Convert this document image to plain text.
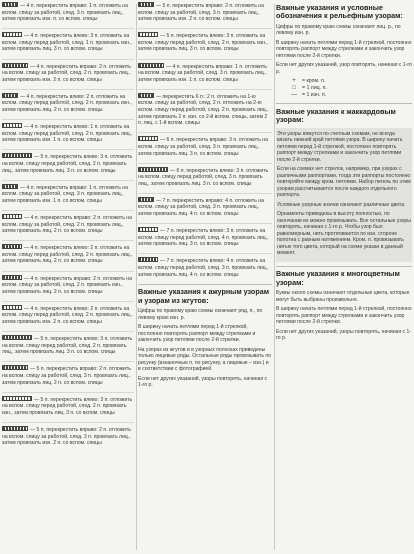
— 4 п. перекрестить вправо: 1 п. отложить на вспом. спицу за работой, след. 3 п. провязать лиц., затем провязать изн. п. со вспом. спицы
— 4 п. перекрестить влево: 3 п. отложить на вспом. спицу перед работой, след. 1 п. провязать изн., затем провязать лиц. 3 п. со вспом. спицы
— 4 п. перекрестить вправо: 2 п. отложить на вспом. спицу за работой, след. 2 п. провязать лиц., затем провязать изн. 2 п. со вспом. спицы
— 4 п. перекрестить влево: 2 п. отложить на вспом. спицу перед работой, след. 2 п. провязать изн., затем провязать лиц. 2 п. со вспом. спицы
— 4 п. перекрестить влево: 1 п. отложить на вспом. спицу перед работой, след. 2 п. провязать лиц., затем провязать изн. 1 п. со вспом. спицы
— 5 п. перекрестить влево: 3 п. отложить на вспом. спицу перед работой, след. 2 п. провязать лиц., затем провязать лиц. 3 п. со вспом. спицы
— 4 п. перекрестить вправо: 1 п. отложить на вспом. спицу за работой, след. 3 п. провязать лиц., затем провязать изн. 1 п. со вспом. спицы
— 4 п. перекрестить вправо: 2 п. отложить на вспом. спицу за работой, след. 2 п. провязать лиц., затем провязать лиц. 2 п. со вспом. спицы
— 4 п. перекрестить влево: 2 п. отложить на вспом. спицу перед работой, след. 2 п. провязать лиц., затем провязать лиц. 2 п. со вспом. спицы
— 4 п. перекрестить вправо: 2 п. отложить на вспом. спицу за работой, след. 2 п. провязать изн., затем провязать лиц. 2 п. со вспом. спицы
— 4 п. перекрестить влево: 2 п. отложить на вспом. спицу перед работой, след. 2 п. провязать лиц., затем провязать изн. 2 п. со вспом. спицы
— 5 п. перекрестить влево: 3 п. отложить на вспом. спицу перед работой, след. 2 п. провязать лиц., затем провязать лиц. 3 п. со вспом. спицы
— 5 п. перекрестить вправо: 2 п. отложить на вспом. спицу за работой, след. 3 п. провязать лиц., затем провязать лиц. 2 п. со вспом. спицы
— 5 п. перекрестить влево: 3 п. отложить на вспом. спицу перед работой, след. 2 п. провязать изн., затем провязать лиц. 3 п. со вспом. спицы
— 5 п. перекрестить вправо: 2 п. отложить на вспом. спицу за работой, след. 3 п. провязать лиц., затем провязать изн. 2 п. со вспом. спицы
— 5 п. перекрестить вправо: 2 п. отложить на вспом. спицу за работой, след. 3 п. провязать лиц., затем провязать изн. 2 п. со вспом. спицы
— 5 п. перекрестить влево: 3 п. отложить на вспом. спицу перед работой, след. 2 п. провязать изн., затем провязать лиц. 3 п. со вспом. спицы
— 4 п. перекрестить вправо: 1 п. отложить на вспом. спицу за работой, след. 3 п. провязать лиц., затем провязать изн. 1 п. со вспом. спицы
— перекрестить 6 п.: 2 п. отложить на 1-ю вспом. спицу за работой, след. 2 п. отложить на 2-ю вспом. спицу перед работой, след. 2 п. провязать лиц., затем провязать 2 п. изн. со 2-й вспом. спицы, затем 2 п. лиц. с 1-й вспом. спицы
— 6 п. перекрестить вправо: 3 п. отложить на вспом. спицу за работой, след. 3 п. провязать лиц., затем провязать лиц. 3 п. со вспом. спицы
— 6 п. перекрестить влево: 3 п. отложить на вспом. спицу перед работой, след. 3 п. провязать лиц., затем провязать лиц. 3 п. со вспом. спицы
— 7 п. перекрестить вправо: 4 п. отложить на вспом. спицу за работой, след. 3 п. провязать лиц., затем провязать лиц. 4 п. со вспом. спицы
— 7 п. перекрестить влево: 3 п. отложить на вспом. спицу перед работой, след. 4 п. провязать лиц., затем провязать лиц. 3 п. со вспом. спицы
— 7 п. перекрестить влево: 4 п. отложить на вспом. спицу перед работой, след. 3 п. провязать лиц., затем провязать лиц. 4 п. со вспом. спицы
Важные указания к ажурным узорам и узорам из жгутов:

Цифры по правому краю схемы означают ряд, п., по левому краю изн. р.

В ширину начать петлями перед 1-й стрелкой, постоянно повторять раппорт между стрелками и закончить узор петлями после 2-й стрелки.

На узорах из жгутов и в узорных полосках приведены только лицевые ряды. Остальные ряды провязывать по рисунку (изнаночные п. по рисунку, а лицевые – изн.) и в соответствии с фотографией.

Если нет других указаний, узоры повторять, начиная с 1-го р.

Важные указания и условные обозначения к рельефным узорам:

Цифры по правому краю схемы означают лиц. р., по левому изн. р.

В ширину начать петлями перед 1-й стрелкой, постоянно повторять раппорт между стрелками и закончить узор петлями после 2-й стрелки.

Если нет других указаний, узор повторять, начиная с 1-го р.

+	= кром. п.
□	= 1 лиц. п.
— = 1 изн. п.
Важные указания к жаккардовым узорам:

Эти узоры вяжутся по счетным схемам, не всегда вязать нижний край петлями узора. В ширину начать петлями перед 1-й стрелкой, постоянно повторять раппорт между стрелками и закончить узор петлями после 2-й стрелки.

Если на схемах нет стрелок, например, при узорах с различными раппортами, тогда эти раппорты постоянно повторяйте между кром. петлями. Набор петель по этим узорам рассчитывается после каждого отдельного раппорта.

Условные узорные значки означают различные цвета.

Орнаменты приведены в высоту полностью, по окончании их можно провязывать. Все остальные узоры повторять, начиная с 1-го р. Чтобы узор был равномерным, нить протягивается по изн. стороне полотна с равным натяжением. Кром. п. провязывать нитью того цвета, который на схеме указан в данный момент.

Важные указания к многоцветным узорам:

Буквы около схемы означают отдельные цвета, которые могут быть выбраны произвольно.

В ширину начать петлями перед 1-й стрелкой, постоянно повторять раппорт между стрелками и закончить узор петлями после 2-й стрелки.

Если нет других указаний, узоры повторять, начиная с 1-го р.
